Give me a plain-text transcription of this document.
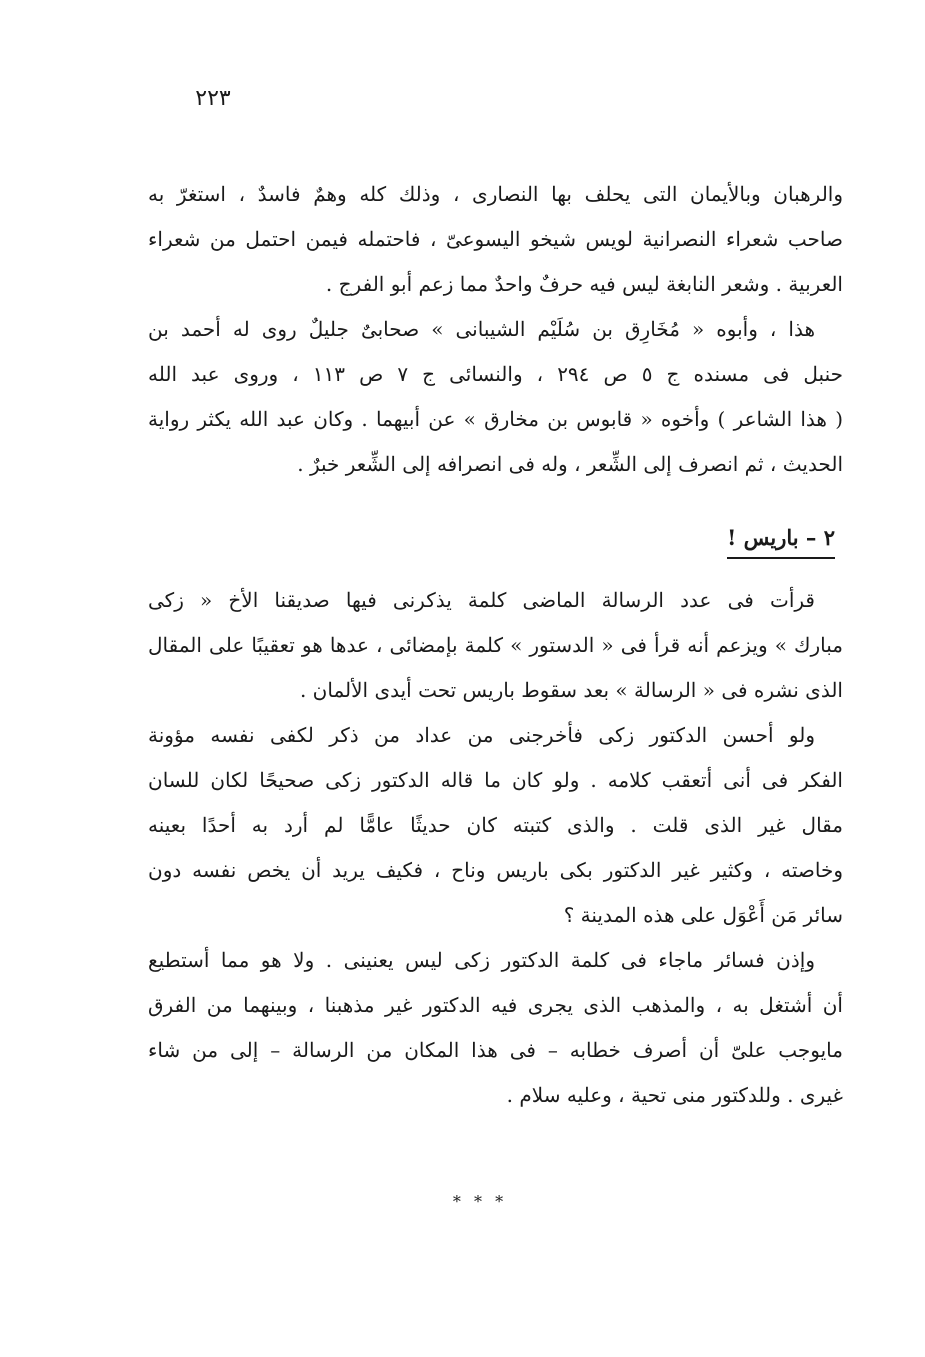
٢٢٣
والرهبان وبالأيمان التى يحلف بها النصارى ، وذلك كله وهمٌ فاسدٌ ، استغرّ به
صاحب شعراء النصرانية لويس شيخو اليسوعىّ ، فاحتمله فيمن احتمل من شعراء
العربية . وشعر النابغة ليس فيه حرفٌ واحدٌ مما زعم أبو الفرج .
هذا ، وأبوه « مُخَارِق بن سُلَيْم الشيبانى » صحابىٌ جليلٌ روى له أحمد بن
حنبل فى مسنده ج ٥ ص ٢٩٤ ، والنسائى ج ٧ ص ١١٣ ، وروى عبد الله
( هذا الشاعر ) وأخوه « قابوس بن مخارق » عن أبيهما . وكان عبد الله يكثر رواية
الحديث ، ثم انصرف إلى الشِّعر ، وله فى انصرافه إلى الشِّعر خبرٌ .
٢ – باريس !
قرأت فى عدد الرسالة الماضى كلمة يذكرنى فيها صديقنا الأخ « زكى
مبارك » ويزعم أنه قرأ فى « الدستور » كلمة بإمضائى ، عدها هو تعقيبًا على المقال
الذى نشره فى « الرسالة » بعد سقوط باريس تحت أيدى الألمان .
ولو أحسن الدكتور زكى فأخرجنى من عداد من ذكر لكفى نفسه مؤونة
الفكر فى أنى أتعقب كلامه . ولو كان ما قاله الدكتور زكى صحيحًا لكان للسان
مقال غير الذى قلت . والذى كتبته كان حديثًا عامًّا لم أرد به أحدًا بعينه
وخاصته ، وكثير غير الدكتور بكى باريس وناح ، فكيف يريد أن يخص نفسه دون
سائر مَن أَعْوَل على هذه المدينة ؟
وإذن فسائر ماجاء فى كلمة الدكتور زكى ليس يعنينى . ولا هو مما أستطيع
أن أشتغل به ، والمذهب الذى يجرى فيه الدكتور غير مذهبنا ، وبينهما من الفرق
مايوجب علىّ أن أصرف خطابه – فى هذا المكان من الرسالة – إلى من شاء
غيرى . وللدكتور منى تحية ، وعليه سلام .
* * *
